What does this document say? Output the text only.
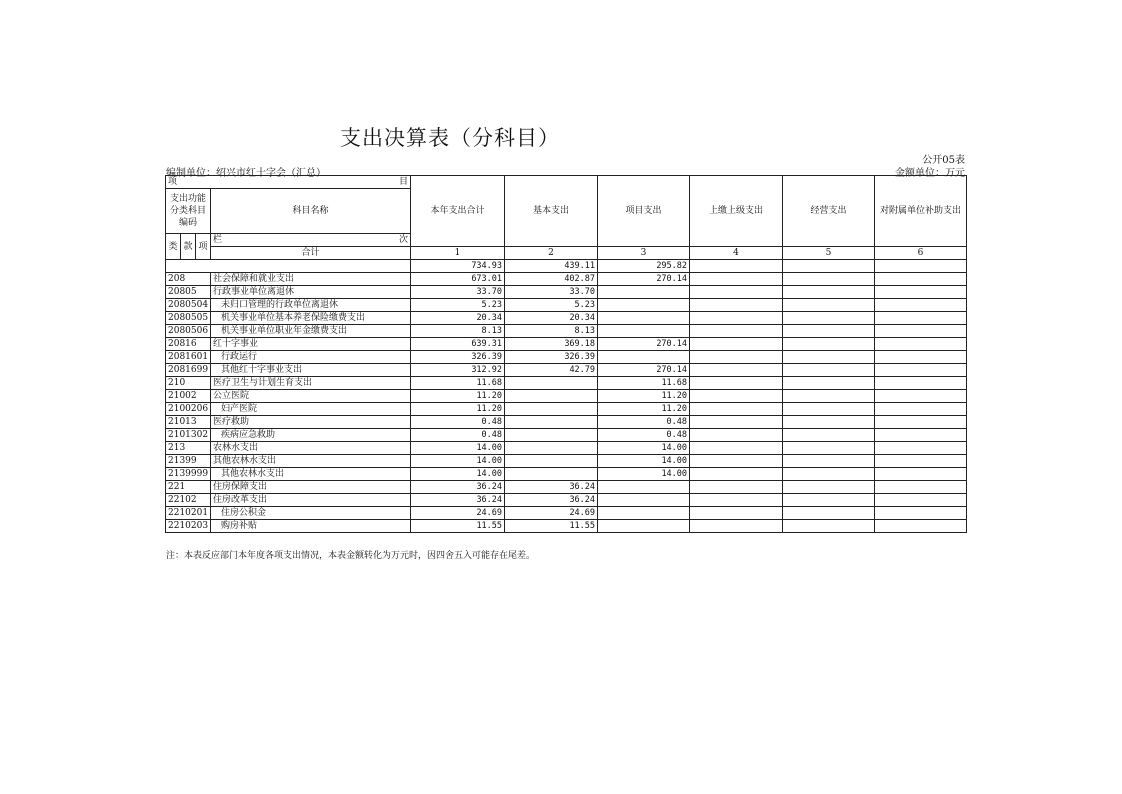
支出决算表（分科目）
公开05表
编制单位：绍兴市红十字会（汇总）	金额单位：万元
项 目				本年支出合计	基本支出	项目支出	上缴上级支出	经营支出	对附属单位补助支出

支出功能分类科目编码			科目名称						
类	款	项	栏 次						

			合计	1	2	3	4	5	6
				734.93	439.11	295.82			
208			社会保障和就业支出	673.01	402.87	270.14			
20805			行政事业单位离退休	33.70	33.70				
2080504			未归口管理的行政单位离退休	5.23	5.23				
2080505			机关事业单位基本养老保险缴费支出	20.34	20.34				
2080506			机关事业单位职业年金缴费支出	8.13	8.13				
20816			红十字事业	639.31	369.18	270.14			
2081601			行政运行	326.39	326.39				
2081699			其他红十字事业支出	312.92	42.79	270.14			
210			医疗卫生与计划生育支出	11.68		11.68			
21002			公立医院	11.20		11.20			
2100206			妇产医院	11.20		11.20			
21013			医疗救助	0.48		0.48			
2101302			疾病应急救助	0.48		0.48			
213			农林水支出	14.00		14.00			
21399			其他农林水支出	14.00		14.00			
2139999			其他农林水支出	14.00		14.00			
221			住房保障支出	36.24	36.24				
22102			住房改革支出	36.24	36.24				
2210201			住房公积金	24.69	24.69				
2210203			购房补贴	11.55	11.55				
注：本表反应部门本年度各项支出情况，本表金额转化为万元时，因四舍五入可能存在尾差。
